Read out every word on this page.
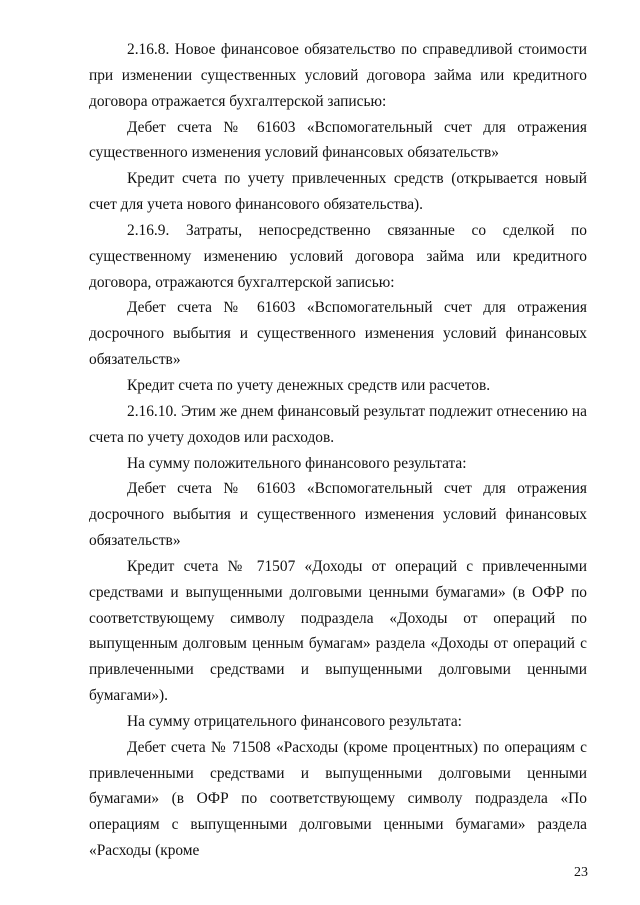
2.16.8. Новое финансовое обязательство по справедливой стоимости при изменении существенных условий договора займа или кредитного договора отражается бухгалтерской записью:

Дебет счета № 61603 «Вспомогательный счет для отражения существенного изменения условий финансовых обязательств»

Кредит счета по учету привлеченных средств (открывается новый счет для учета нового финансового обязательства).

2.16.9. Затраты, непосредственно связанные со сделкой по существенному изменению условий договора займа или кредитного договора, отражаются бухгалтерской записью:

Дебет счета № 61603 «Вспомогательный счет для отражения досрочного выбытия и существенного изменения условий финансовых обязательств»

Кредит счета по учету денежных средств или расчетов.

2.16.10. Этим же днем финансовый результат подлежит отнесению на счета по учету доходов или расходов.

На сумму положительного финансового результата:

Дебет счета № 61603 «Вспомогательный счет для отражения досрочного выбытия и существенного изменения условий финансовых обязательств»

Кредит счета № 71507 «Доходы от операций с привлеченными средствами и выпущенными долговыми ценными бумагами» (в ОФР по соответствующему символу подраздела «Доходы от операций по выпущенным долговым ценным бумагам» раздела «Доходы от операций с привлеченными средствами и выпущенными долговыми ценными бумагами»).

На сумму отрицательного финансового результата:

Дебет счета № 71508 «Расходы (кроме процентных) по операциям с привлеченными средствами и выпущенными долговыми ценными бумагами» (в ОФР по соответствующему символу подраздела «По операциям с выпущенными долговыми ценными бумагами» раздела «Расходы (кроме

23
